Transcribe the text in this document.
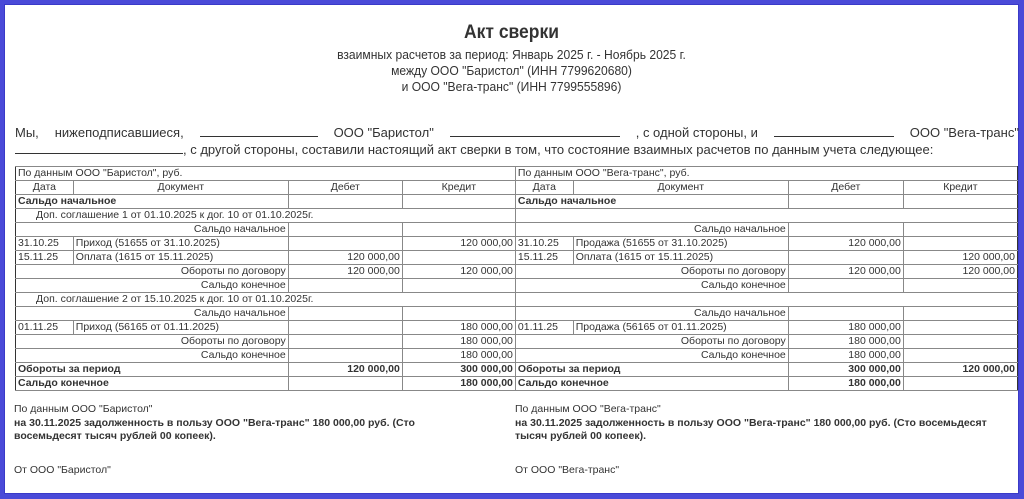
Акт сверки
взаимных расчетов за период: Январь 2025 г. - Ноябрь 2025 г.
между ООО "Баристол" (ИНН 7799620680)
и ООО "Вега-транс" (ИНН 7799555896)
Мы, нижеподписавшиеся,	ООО "Баристол"	, с одной стороны, и	ООО "Вега-транс"
, с другой стороны, составили настоящий акт сверки в том, что состояние взаимных расчетов по данным учета следующее:
По данным ООО "Баристол", руб.				По данным ООО "Вега-транс", руб.			
Дата	Документ	Дебет	Кредит	Дата	Документ	Дебет	Кредит
Сальдо начальное				Сальдо начальное			
Доп. соглашение 1 от 01.10.2025 к дог. 10 от 01.10.2025г.							
Сальдо начальное				Сальдо начальное			
31.10.25	Приход (51655 от 31.10.2025)		120 000,00	31.10.25	Продажа (51655 от 31.10.2025)	120 000,00	
15.11.25	Оплата (1615 от 15.11.2025)	120 000,00		15.11.25	Оплата (1615 от 15.11.2025)		120 000,00
Обороты по договору		120 000,00	120 000,00	Обороты по договору		120 000,00	120 000,00
Сальдо конечное				Сальдо конечное			
Доп. соглашение 2 от 15.10.2025 к дог. 10 от 01.10.2025г.							
Сальдо начальное				Сальдо начальное			
01.11.25	Приход (56165 от 01.11.2025)		180 000,00	01.11.25	Продажа (56165 от 01.11.2025)	180 000,00	
Обороты по договору			180 000,00	Обороты по договору		180 000,00	
Сальдо конечное			180 000,00	Сальдо конечное		180 000,00	
Обороты за период		120 000,00	300 000,00	Обороты за период		300 000,00	120 000,00
Сальдо конечное			180 000,00	Сальдо конечное		180 000,00	
По данным ООО "Баристол"
на 30.11.2025 задолженность в пользу ООО "Вега-транс" 180 000,00 руб. (Сто
восемьдесят тысяч рублей 00 копеек).
От ООО "Баристол"
По данным ООО "Вега-транс"
на 30.11.2025 задолженность в пользу ООО "Вега-транс" 180 000,00 руб. (Сто восемьдесят
тысяч рублей 00 копеек).
От ООО "Вега-транс"
